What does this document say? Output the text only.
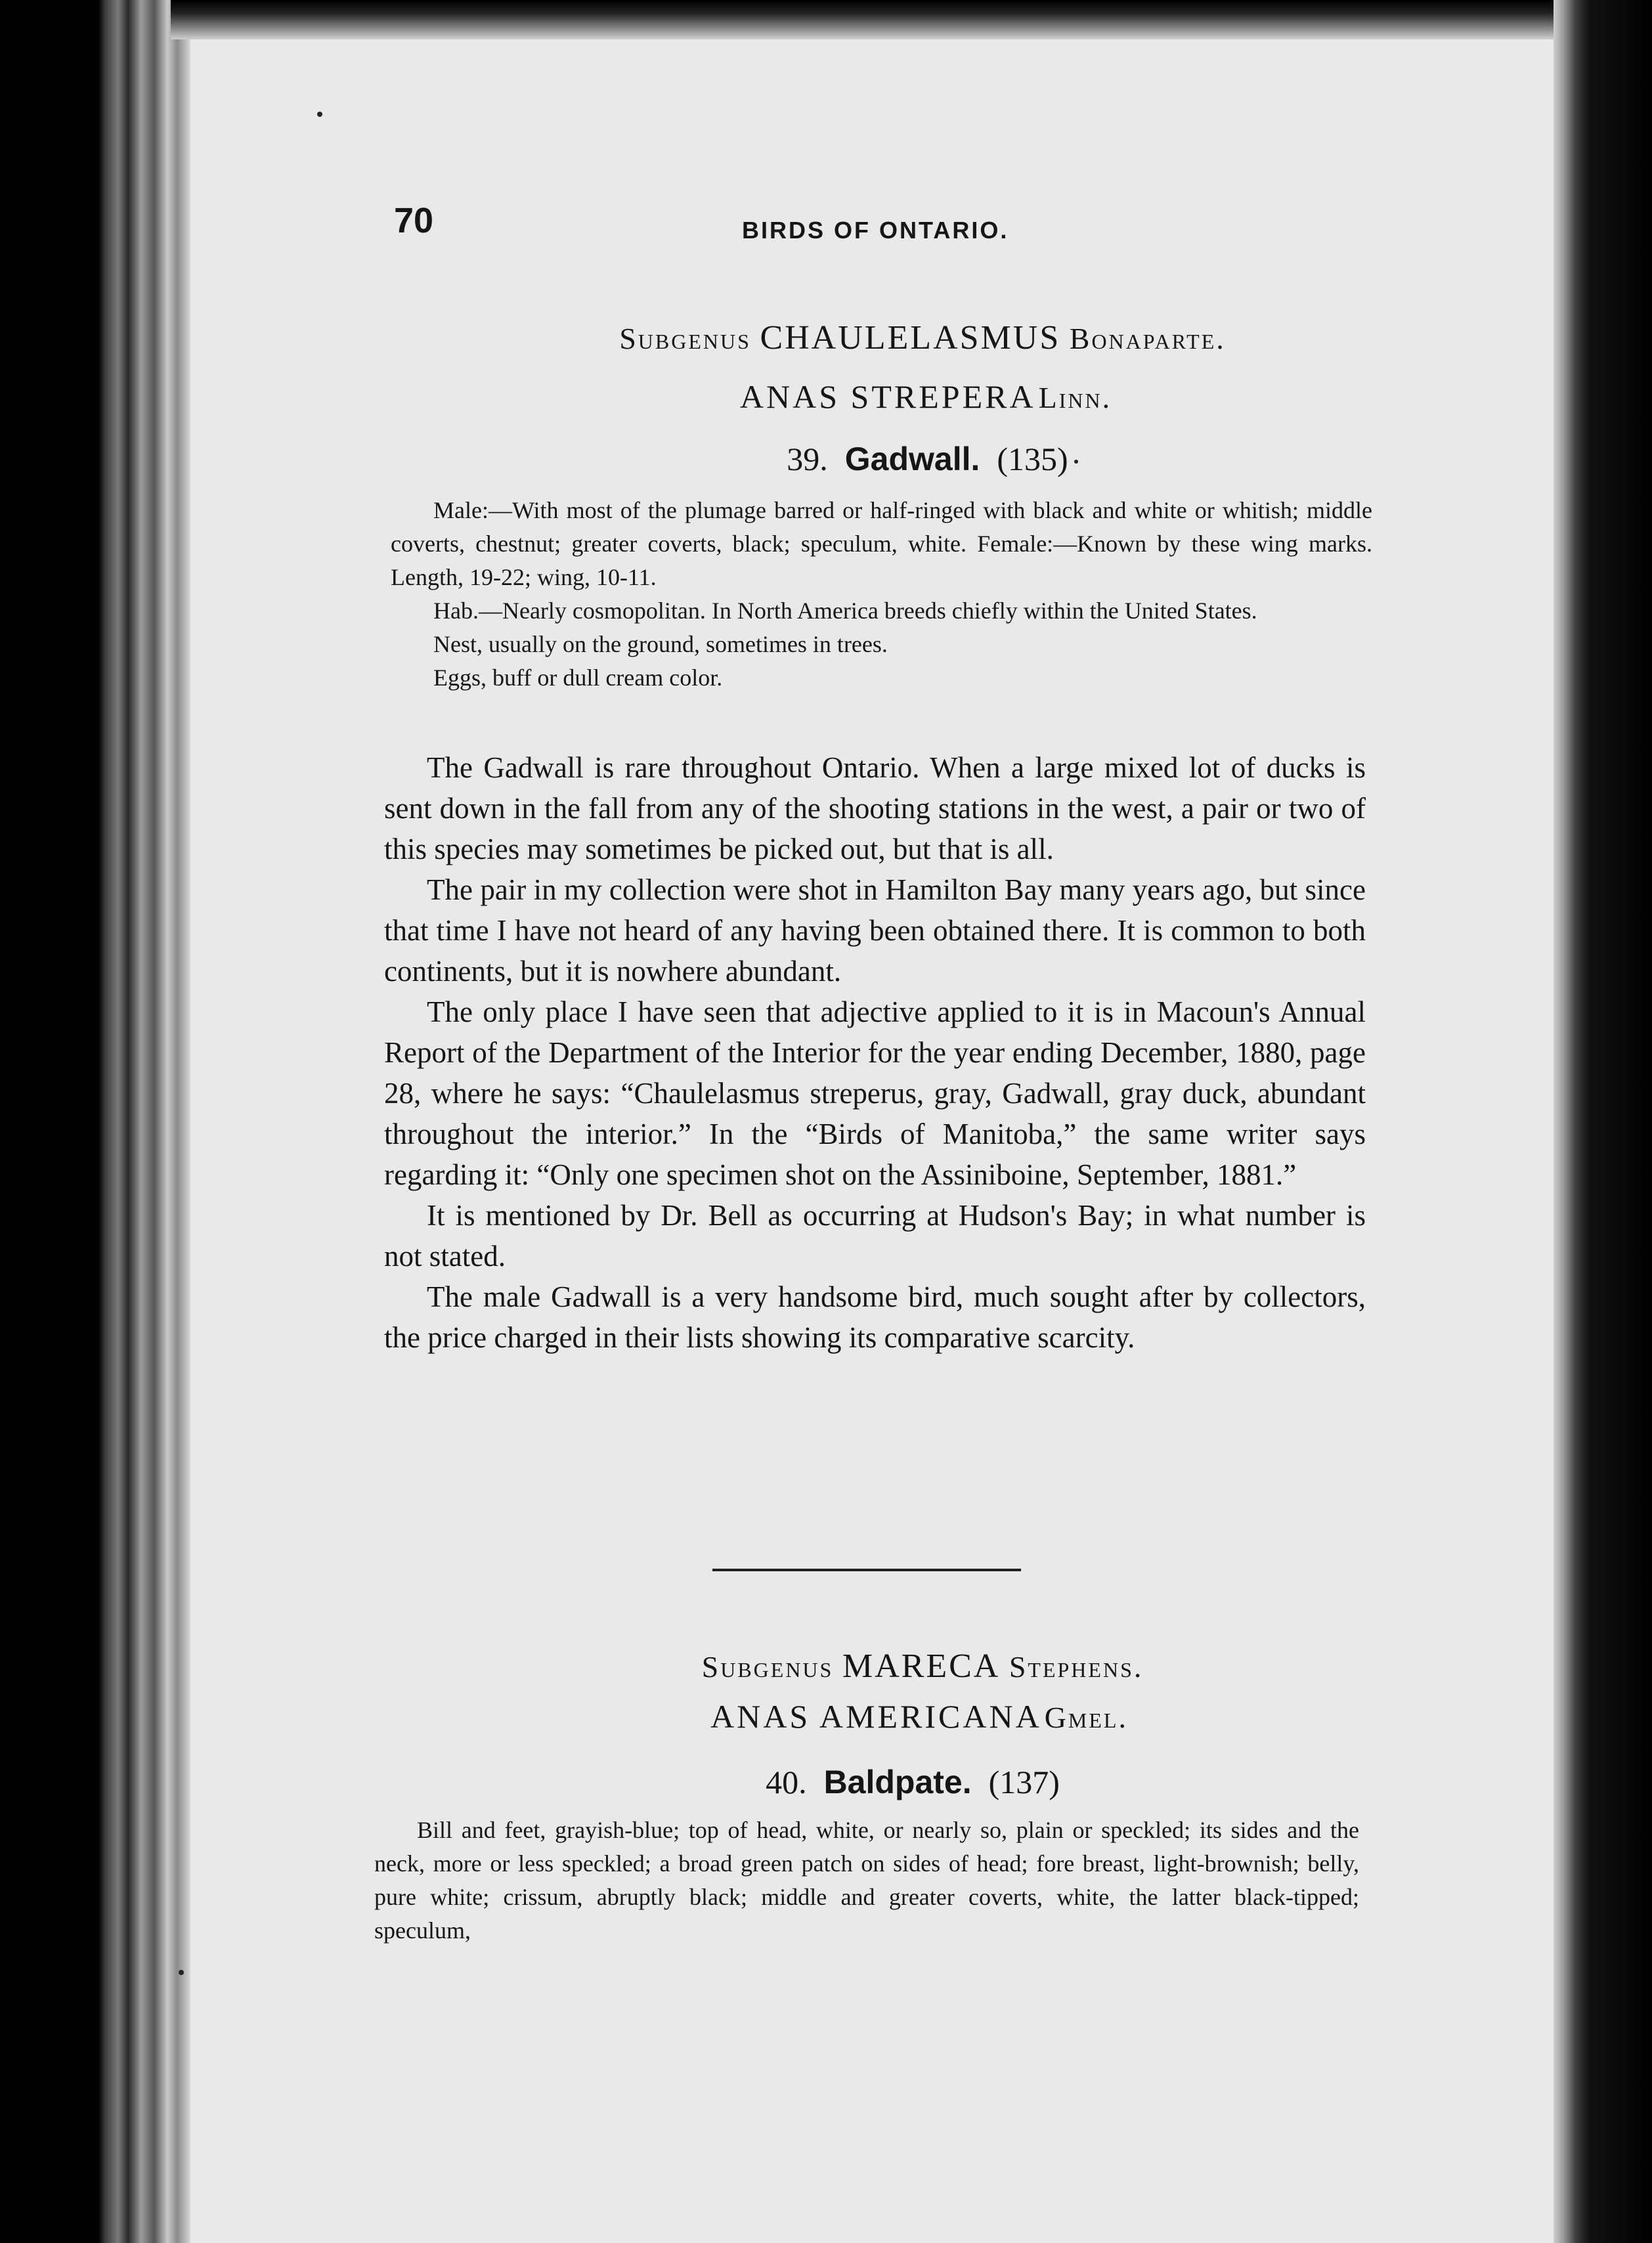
70	BIRDS OF ONTARIO.
Subgenus CHAULELASMUS Bonaparte.
ANAS STREPERA Linn.
39. Gadwall. (135)

Male:—With most of the plumage barred or half-ringed with black and white or whitish; middle coverts, chestnut; greater coverts, black; speculum, white. Female:—Known by these wing marks. Length, 19-22; wing, 10-11.

Hab.—Nearly cosmopolitan. In North America breeds chiefly within the United States.

Nest, usually on the ground, sometimes in trees.

Eggs, buff or dull cream color.

The Gadwall is rare throughout Ontario. When a large mixed lot of ducks is sent down in the fall from any of the shooting stations in the west, a pair or two of this species may sometimes be picked out, but that is all.

The pair in my collection were shot in Hamilton Bay many years ago, but since that time I have not heard of any having been obtained there. It is common to both continents, but it is nowhere abundant.

The only place I have seen that adjective applied to it is in Macoun's Annual Report of the Department of the Interior for the year ending December, 1880, page 28, where he says: “Chaulelasmus streperus, gray, Gadwall, gray duck, abundant throughout the interior.” In the “Birds of Manitoba,” the same writer says regarding it: “Only one specimen shot on the Assiniboine, September, 1881.”

It is mentioned by Dr. Bell as occurring at Hudson's Bay; in what number is not stated.

The male Gadwall is a very handsome bird, much sought after by collectors, the price charged in their lists showing its comparative scarcity.

Subgenus MARECA Stephens.
ANAS AMERICANA Gmel.
40. Baldpate. (137)

Bill and feet, grayish-blue; top of head, white, or nearly so, plain or speckled; its sides and the neck, more or less speckled; a broad green patch on sides of head; fore breast, light-brownish; belly, pure white; crissum, abruptly black; middle and greater coverts, white, the latter black-tipped; speculum,
